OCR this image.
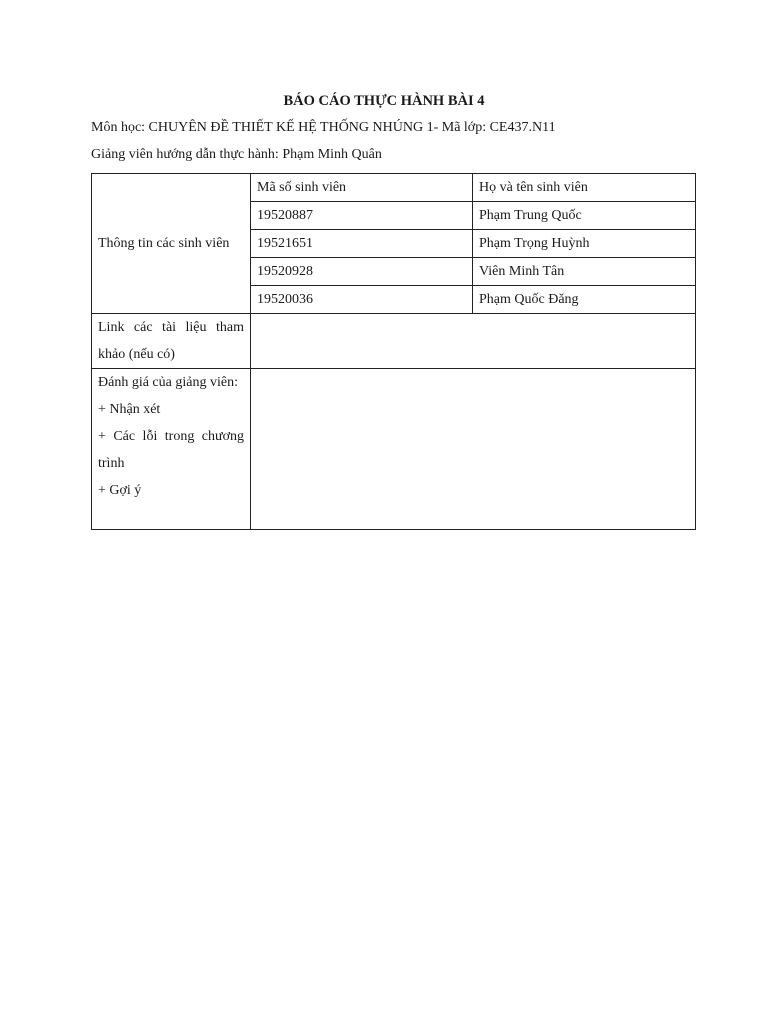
BÁO CÁO THỰC HÀNH BÀI 4
Môn học: CHUYÊN ĐỀ THIẾT KẾ HỆ THỐNG NHÚNG 1- Mã lớp: CE437.N11
Giảng viên hướng dẫn thực hành: Phạm Minh Quân
Thông tin các sinh viên	Mã số sinh viên	Họ và tên sinh viên
	19520887	Phạm Trung Quốc
	19521651	Phạm Trọng Huỳnh
	19520928	Viên Minh Tân
	19520036	Phạm Quốc Đăng
Link các tài liệu tham khảo (nếu có)		

Đánh giá của giảng viên:
+ Nhận xét
+ Các lỗi trong chương trình
+ Gợi ý		
